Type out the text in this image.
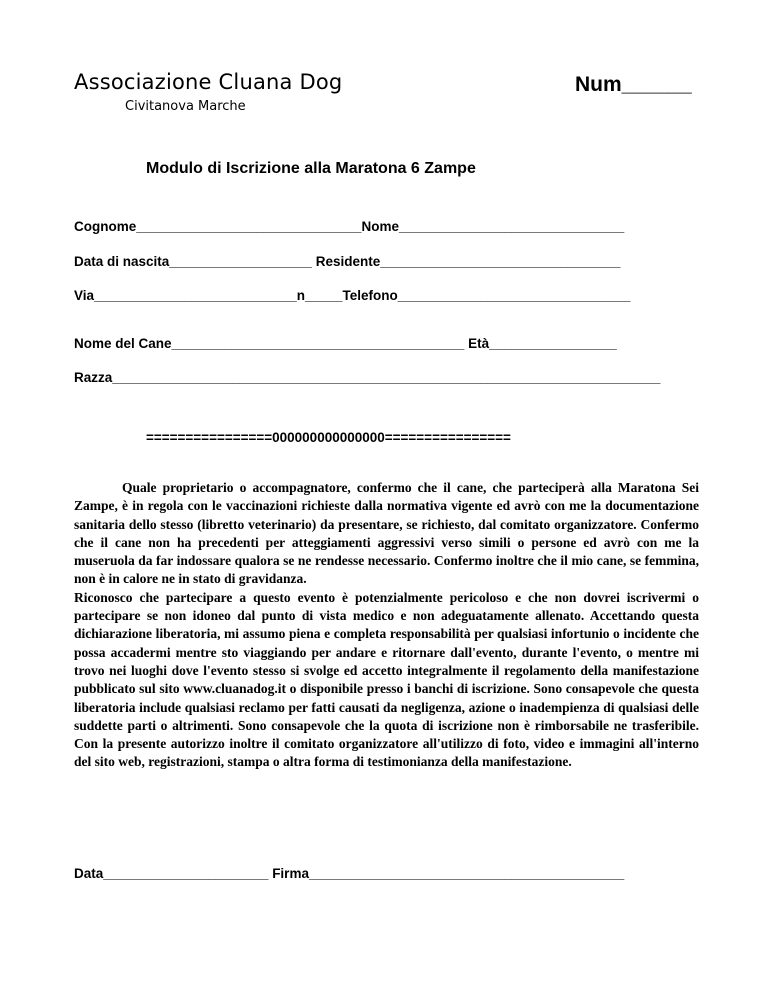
Associazione Cluana Dog
Civitanova Marche
Num______
Modulo di Iscrizione alla Maratona 6 Zampe
Cognome______________________________Nome______________________________
Data di nascita___________________ Residente________________________________
Via___________________________n_____Telefono_______________________________
Nome del Cane_______________________________________ Età_________________
Razza_________________________________________________________________________
================000000000000000================

Quale proprietario o accompagnatore, confermo che il cane, che parteciperà alla Maratona Sei Zampe, è in regola con le vaccinazioni richieste dalla normativa vigente ed avrò con me la documentazione sanitaria dello stesso (libretto veterinario) da presentare, se richiesto, dal comitato organizzatore. Confermo che il cane non ha precedenti per atteggiamenti aggressivi verso simili o persone ed avrò con me la museruola da far indossare qualora se ne rendesse necessario. Confermo inoltre che il mio cane, se femmina, non è in calore ne in stato di gravidanza.

Riconosco che partecipare a questo evento è potenzialmente pericoloso e che non dovrei iscrivermi o partecipare se non idoneo dal punto di vista medico e non adeguatamente allenato. Accettando questa dichiarazione liberatoria, mi assumo piena e completa responsabilità per qualsiasi infortunio o incidente che possa accadermi mentre sto viaggiando per andare e ritornare dall'evento, durante l'evento, o mentre mi trovo nei luoghi dove l'evento stesso si svolge ed accetto integralmente il regolamento della manifestazione pubblicato sul sito www.cluanadog.it o disponibile presso i banchi di iscrizione. Sono consapevole che questa liberatoria include qualsiasi reclamo per fatti causati da negligenza, azione o inadempienza di qualsiasi delle suddette parti o altrimenti. Sono consapevole che la quota di iscrizione non è rimborsabile ne trasferibile. Con la presente autorizzo inoltre il comitato organizzatore all'utilizzo di foto, video e immagini all'interno del sito web, registrazioni, stampa o altra forma di testimonianza della manifestazione.

Data______________________ Firma__________________________________________
